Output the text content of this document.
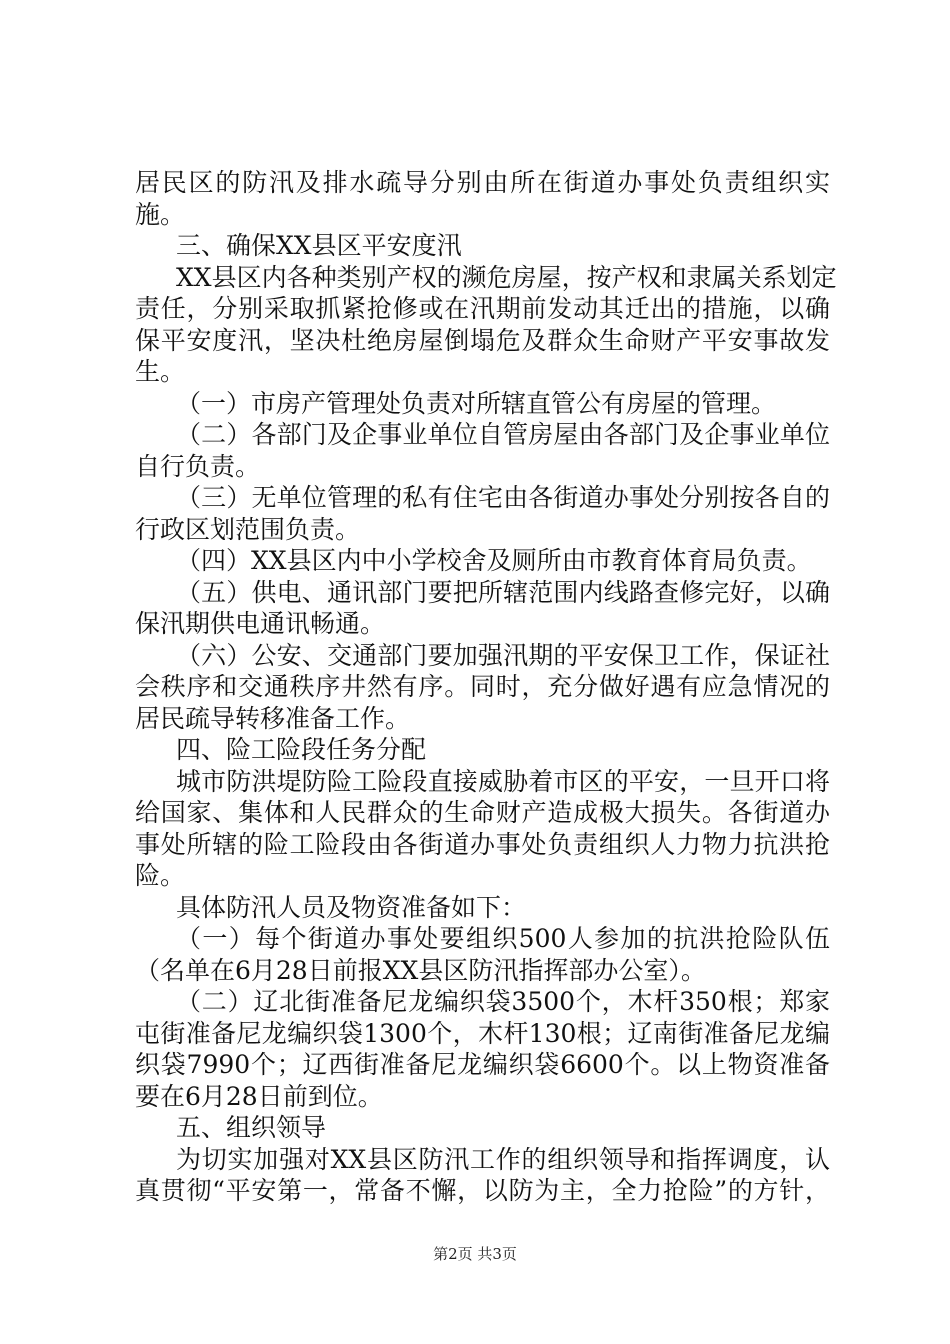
居民区的防汛及排水疏导分别由所在街道办事处负责组织实
施。
三、确保XX县区平安度汛
XX县区内各种类别产权的濒危房屋，按产权和隶属关系划定
责任，分别采取抓紧抢修或在汛期前发动其迁出的措施，以确
保平安度汛，坚决杜绝房屋倒塌危及群众生命财产平安事故发
生。
（一）市房产管理处负责对所辖直管公有房屋的管理。
（二）各部门及企事业单位自管房屋由各部门及企事业单位
自行负责。
（三）无单位管理的私有住宅由各街道办事处分别按各自的
行政区划范围负责。
（四）XX县区内中小学校舍及厕所由市教育体育局负责。
（五）供电、通讯部门要把所辖范围内线路查修完好，以确
保汛期供电通讯畅通。
（六）公安、交通部门要加强汛期的平安保卫工作，保证社
会秩序和交通秩序井然有序。同时，充分做好遇有应急情况的
居民疏导转移准备工作。
四、险工险段任务分配
城市防洪堤防险工险段直接威胁着市区的平安，一旦开口将
给国家、集体和人民群众的生命财产造成极大损失。各街道办
事处所辖的险工险段由各街道办事处负责组织人力物力抗洪抢
险。
具体防汛人员及物资准备如下：
（一）每个街道办事处要组织500人参加的抗洪抢险队伍
（名单在6月28日前报XX县区防汛指挥部办公室）。
（二）辽北街准备尼龙编织袋3500个，木杆350根；郑家
屯街准备尼龙编织袋1300个，木杆130根；辽南街准备尼龙编
织袋7990个；辽西街准备尼龙编织袋6600个。以上物资准备
要在6月28日前到位。
五、组织领导
为切实加强对XX县区防汛工作的组织领导和指挥调度，认
真贯彻“平安第一，常备不懈，以防为主，全力抢险”的方针，
第2页 共3页
